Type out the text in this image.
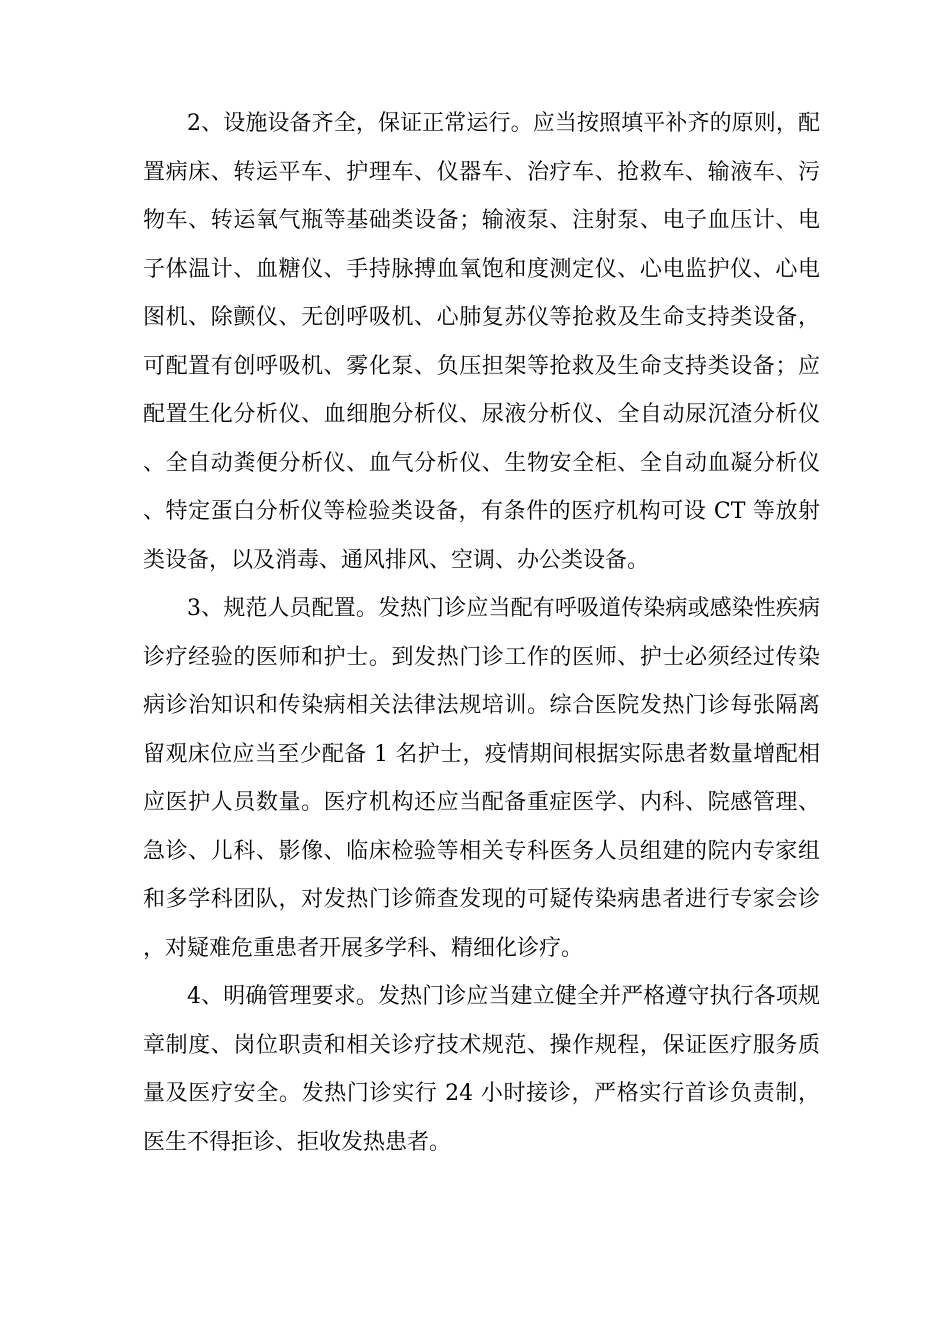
2、设施设备齐全，保证正常运行。应当按照填平补齐的原则，配置病床、转运平车、护理车、仪器车、治疗车、抢救车、输液车、污物车、转运氧气瓶等基础类设备；输液泵、注射泵、电子血压计、电子体温计、血糖仪、手持脉搏血氧饱和度测定仪、心电监护仪、心电图机、除颤仪、无创呼吸机、心肺复苏仪等抢救及生命支持类设备，可配置有创呼吸机、雾化泵、负压担架等抢救及生命支持类设备；应配置生化分析仪、血细胞分析仪、尿液分析仪、全自动尿沉渣分析仪、全自动粪便分析仪、血气分析仪、生物安全柜、全自动血凝分析仪、特定蛋白分析仪等检验类设备，有条件的医疗机构可设 CT 等放射类设备，以及消毒、通风排风、空调、办公类设备。

3、规范人员配置。发热门诊应当配有呼吸道传染病或感染性疾病诊疗经验的医师和护士。到发热门诊工作的医师、护士必须经过传染病诊治知识和传染病相关法律法规培训。综合医院发热门诊每张隔离留观床位应当至少配备 1 名护士，疫情期间根据实际患者数量增配相应医护人员数量。医疗机构还应当配备重症医学、内科、院感管理、急诊、儿科、影像、临床检验等相关专科医务人员组建的院内专家组和多学科团队，对发热门诊筛查发现的可疑传染病患者进行专家会诊，对疑难危重患者开展多学科、精细化诊疗。

4、明确管理要求。发热门诊应当建立健全并严格遵守执行各项规章制度、岗位职责和相关诊疗技术规范、操作规程，保证医疗服务质量及医疗安全。发热门诊实行 24 小时接诊，严格实行首诊负责制，医生不得拒诊、拒收发热患者。
